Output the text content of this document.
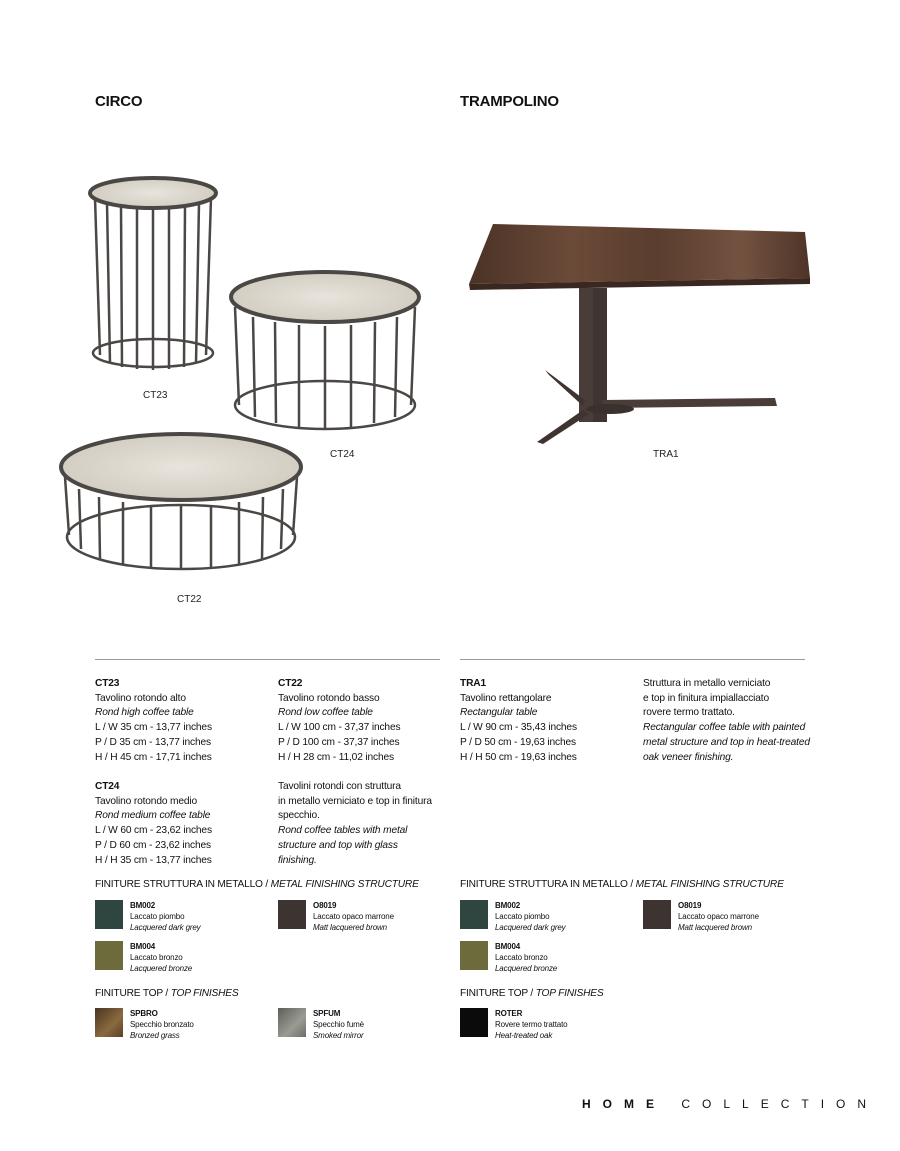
CIRCO	TRAMPOLINO
CT23
CT24
CT22
TRA1
CT23
Tavolino rotondo alto
Rond high coffee table
L / W 35 cm - 13,77 inches
P / D 35 cm - 13,77 inches
H / H 45 cm - 17,71 inches
CT24
Tavolino rotondo medio
Rond medium coffee table
L / W 60 cm - 23,62 inches
P / D 60 cm - 23,62 inches
H / H 35 cm - 13,77 inches
CT22
Tavolino rotondo basso
Rond low coffee table
L / W 100 cm - 37,37 inches
P / D 100 cm - 37,37 inches
H / H 28 cm - 11,02 inches
Tavolini rotondi con struttura
in metallo verniciato e top in finitura
specchio.
Rond coffee tables with metal
structure and top with glass
finishing.
TRA1
Tavolino rettangolare
Rectangular table
L / W 90 cm - 35,43 inches
P / D 50 cm - 19,63 inches
H / H 50 cm - 19,63 inches
Struttura in metallo verniciato
e top in finitura impiallacciato
rovere termo trattato.
Rectangular coffee table with painted
metal structure and top in heat-treated
oak veneer finishing.
FINITURE STRUTTURA IN METALLO / METAL FINISHING STRUCTURE	FINITURE STRUTTURA IN METALLO / METAL FINISHING STRUCTURE
BM002
Laccato piombo
Lacquered dark grey
O8019
Laccato opaco marrone
Matt lacquered brown
BM004
Laccato bronzo
Lacquered bronze
BM002
Laccato piombo
Lacquered dark grey
O8019
Laccato opaco marrone
Matt lacquered brown
BM004
Laccato bronzo
Lacquered bronze
FINITURE TOP / TOP FINISHES	FINITURE TOP / TOP FINISHES
SPBRO
Specchio bronzato
Bronzed grass
SPFUM
Specchio fumè
Smoked mirror
ROTER
Rovere termo trattato
Heat-treated oak
HOME COLLECTION
